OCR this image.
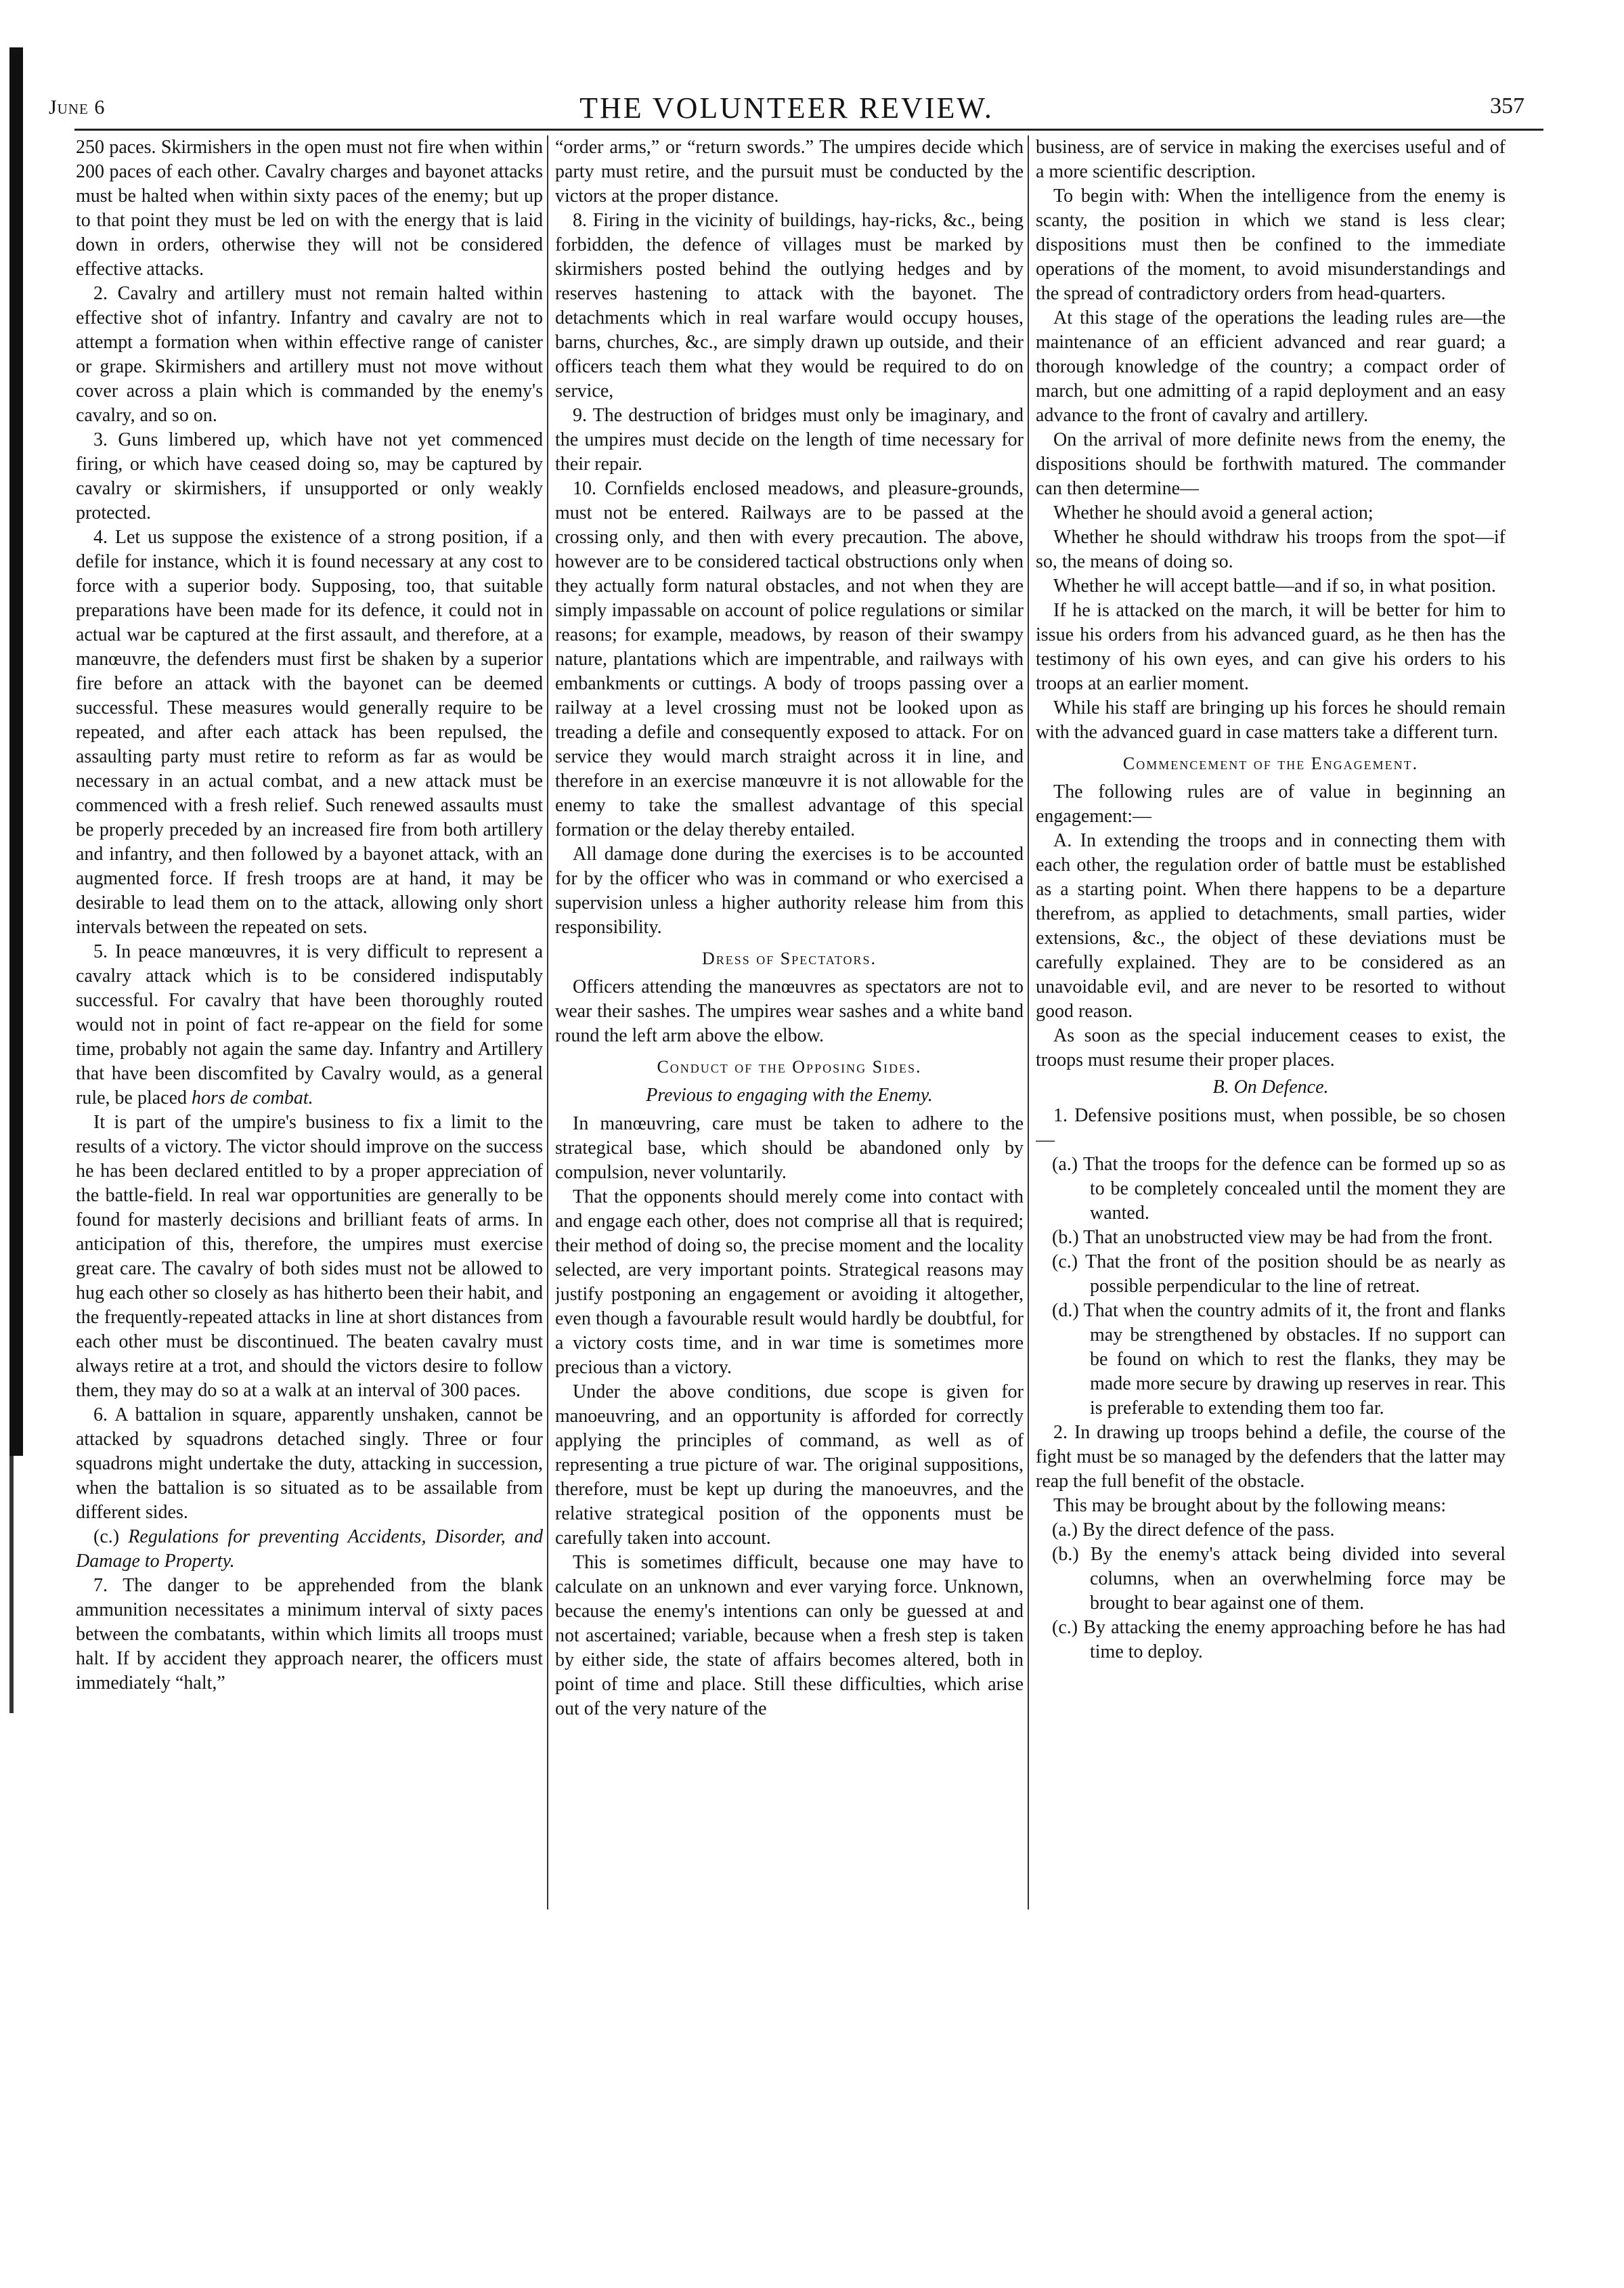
June 6	THE VOLUNTEER REVIEW.	357

250 paces. Skirmishers in the open must not fire when within 200 paces of each other. Cavalry charges and bayonet attacks must be halted when within sixty paces of the enemy; but up to that point they must be led on with the energy that is laid down in orders, otherwise they will not be considered effective attacks.

2. Cavalry and artillery must not remain halted within effective shot of infantry. Infantry and cavalry are not to attempt a formation when within effective range of canister or grape. Skirmishers and artillery must not move without cover across a plain which is commanded by the enemy's cavalry, and so on.

3. Guns limbered up, which have not yet commenced firing, or which have ceased doing so, may be captured by cavalry or skirmishers, if unsupported or only weakly protected.

4. Let us suppose the existence of a strong position, if a defile for instance, which it is found necessary at any cost to force with a superior body. Supposing, too, that suitable preparations have been made for its defence, it could not in actual war be captured at the first assault, and therefore, at a manœuvre, the defenders must first be shaken by a superior fire before an attack with the bayonet can be deemed successful. These measures would generally require to be repeated, and after each attack has been repulsed, the assaulting party must retire to reform as far as would be necessary in an actual combat, and a new attack must be commenced with a fresh relief. Such renewed assaults must be properly preceded by an increased fire from both artillery and infantry, and then followed by a bayonet attack, with an augmented force. If fresh troops are at hand, it may be desirable to lead them on to the attack, allowing only short intervals between the repeated on sets.

5. In peace manœuvres, it is very difficult to represent a cavalry attack which is to be considered indisputably successful. For cavalry that have been thoroughly routed would not in point of fact re-appear on the field for some time, probably not again the same day. Infantry and Artillery that have been discomfited by Cavalry would, as a general rule, be placed hors de combat.

It is part of the umpire's business to fix a limit to the results of a victory. The victor should improve on the success he has been declared entitled to by a proper appreciation of the battle-field. In real war opportunities are generally to be found for masterly decisions and brilliant feats of arms. In anticipation of this, therefore, the umpires must exercise great care. The cavalry of both sides must not be allowed to hug each other so closely as has hitherto been their habit, and the frequently-repeated attacks in line at short distances from each other must be discontinued. The beaten cavalry must always retire at a trot, and should the victors desire to follow them, they may do so at a walk at an interval of 300 paces.

6. A battalion in square, apparently unshaken, cannot be attacked by squadrons detached singly. Three or four squadrons might undertake the duty, attacking in succession, when the battalion is so situated as to be assailable from different sides.

(c.) Regulations for preventing Accidents, Disorder, and Damage to Property.

7. The danger to be apprehended from the blank ammunition necessitates a minimum interval of sixty paces between the combatants, within which limits all troops must halt. If by accident they approach nearer, the officers must immediately “halt,”

“order arms,” or “return swords.” The umpires decide which party must retire, and the pursuit must be conducted by the victors at the proper distance.

8. Firing in the vicinity of buildings, hay-ricks, &c., being forbidden, the defence of villages must be marked by skirmishers posted behind the outlying hedges and by reserves hastening to attack with the bayonet. The detachments which in real warfare would occupy houses, barns, churches, &c., are simply drawn up outside, and their officers teach them what they would be required to do on service,

9. The destruction of bridges must only be imaginary, and the umpires must decide on the length of time necessary for their repair.

10. Cornfields enclosed meadows, and pleasure-grounds, must not be entered. Railways are to be passed at the crossing only, and then with every precaution. The above, however are to be considered tactical obstructions only when they actually form natural obstacles, and not when they are simply impassable on account of police regulations or similar reasons; for example, meadows, by reason of their swampy nature, plantations which are impentrable, and railways with embankments or cuttings. A body of troops passing over a railway at a level crossing must not be looked upon as treading a defile and consequently exposed to attack. For on service they would march straight across it in line, and therefore in an exercise manœuvre it is not allowable for the enemy to take the smallest advantage of this special formation or the delay thereby entailed.

All damage done during the exercises is to be accounted for by the officer who was in command or who exercised a supervision unless a higher authority release him from this responsibility.

Dress of Spectators.

Officers attending the manœuvres as spectators are not to wear their sashes. The umpires wear sashes and a white band round the left arm above the elbow.

Conduct of the Opposing Sides.
Previous to engaging with the Enemy.

In manœuvring, care must be taken to adhere to the strategical base, which should be abandoned only by compulsion, never voluntarily.

That the opponents should merely come into contact with and engage each other, does not comprise all that is required; their method of doing so, the precise moment and the locality selected, are very important points. Strategical reasons may justify postponing an engagement or avoiding it altogether, even though a favourable result would hardly be doubtful, for a victory costs time, and in war time is sometimes more precious than a victory.

Under the above conditions, due scope is given for manoeuvring, and an opportunity is afforded for correctly applying the principles of command, as well as of representing a true picture of war. The original suppositions, therefore, must be kept up during the manoeuvres, and the relative strategical position of the opponents must be carefully taken into account.

This is sometimes difficult, because one may have to calculate on an unknown and ever varying force. Unknown, because the enemy's intentions can only be guessed at and not ascertained; variable, because when a fresh step is taken by either side, the state of affairs becomes altered, both in point of time and place. Still these difficulties, which arise out of the very nature of the

business, are of service in making the exercises useful and of a more scientific description.

To begin with: When the intelligence from the enemy is scanty, the position in which we stand is less clear; dispositions must then be confined to the immediate operations of the moment, to avoid misunderstandings and the spread of contradictory orders from head-quarters.

At this stage of the operations the leading rules are—the maintenance of an efficient advanced and rear guard; a thorough knowledge of the country; a compact order of march, but one admitting of a rapid deployment and an easy advance to the front of cavalry and artillery.

On the arrival of more definite news from the enemy, the dispositions should be forthwith matured. The commander can then determine—

Whether he should avoid a general action;

Whether he should withdraw his troops from the spot—if so, the means of doing so.

Whether he will accept battle—and if so, in what position.

If he is attacked on the march, it will be better for him to issue his orders from his advanced guard, as he then has the testimony of his own eyes, and can give his orders to his troops at an earlier moment.

While his staff are bringing up his forces he should remain with the advanced guard in case matters take a different turn.

Commencement of the Engagement.

The following rules are of value in beginning an engagement:—

A. In extending the troops and in connecting them with each other, the regulation order of battle must be established as a starting point. When there happens to be a departure therefrom, as applied to detachments, small parties, wider extensions, &c., the object of these deviations must be carefully explained. They are to be considered as an unavoidable evil, and are never to be resorted to without good reason.

As soon as the special inducement ceases to exist, the troops must resume their proper places.

B. On Defence.

1. Defensive positions must, when possible, be so chosen—

(a.) That the troops for the defence can be formed up so as to be completely concealed until the moment they are wanted.

(b.) That an unobstructed view may be had from the front.

(c.) That the front of the position should be as nearly as possible perpendicular to the line of retreat.

(d.) That when the country admits of it, the front and flanks may be strengthened by obstacles. If no support can be found on which to rest the flanks, they may be made more secure by drawing up reserves in rear. This is preferable to extending them too far.

2. In drawing up troops behind a defile, the course of the fight must be so managed by the defenders that the latter may reap the full benefit of the obstacle.

This may be brought about by the following means:

(a.) By the direct defence of the pass.

(b.) By the enemy's attack being divided into several columns, when an overwhelming force may be brought to bear against one of them.

(c.) By attacking the enemy approaching before he has had time to deploy.
